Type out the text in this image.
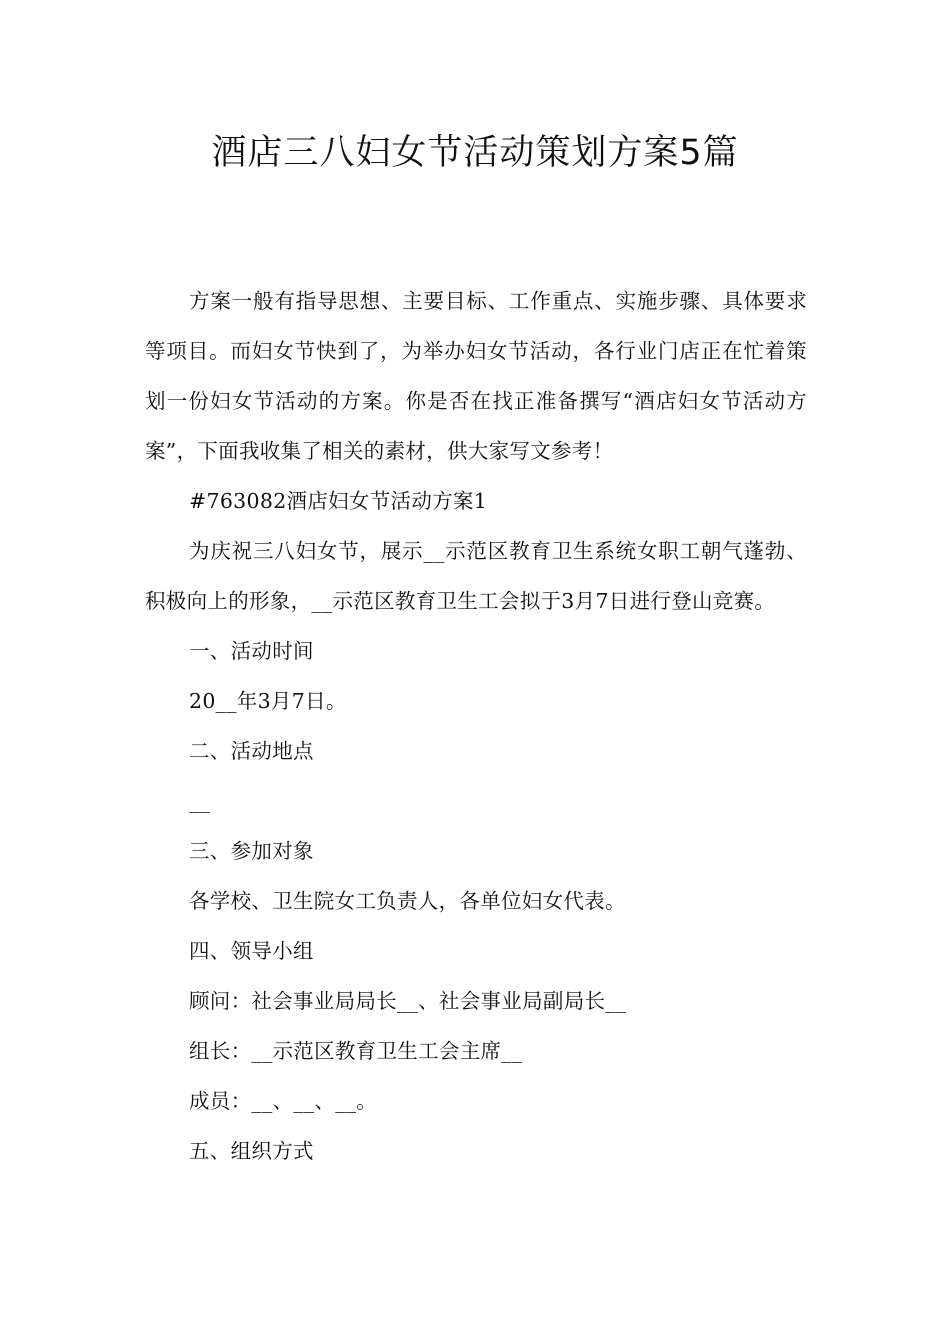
酒店三八妇女节活动策划方案5篇

方案一般有指导思想、主要目标、工作重点、实施步骤、具体要求等项目。而妇女节快到了，为举办妇女节活动，各行业门店正在忙着策划一份妇女节活动的方案。你是否在找正准备撰写“酒店妇女节活动方案”，下面我收集了相关的素材，供大家写文参考！

#763082酒店妇女节活动方案1

为庆祝三八妇女节，展示__示范区教育卫生系统女职工朝气蓬勃、积极向上的形象，__示范区教育卫生工会拟于3月7日进行登山竞赛。

一、活动时间

20__年3月7日。

二、活动地点

__

三、参加对象

各学校、卫生院女工负责人，各单位妇女代表。

四、领导小组

顾问：社会事业局局长__、社会事业局副局长__

组长：__示范区教育卫生工会主席__

成员：__、__、__。

五、组织方式
